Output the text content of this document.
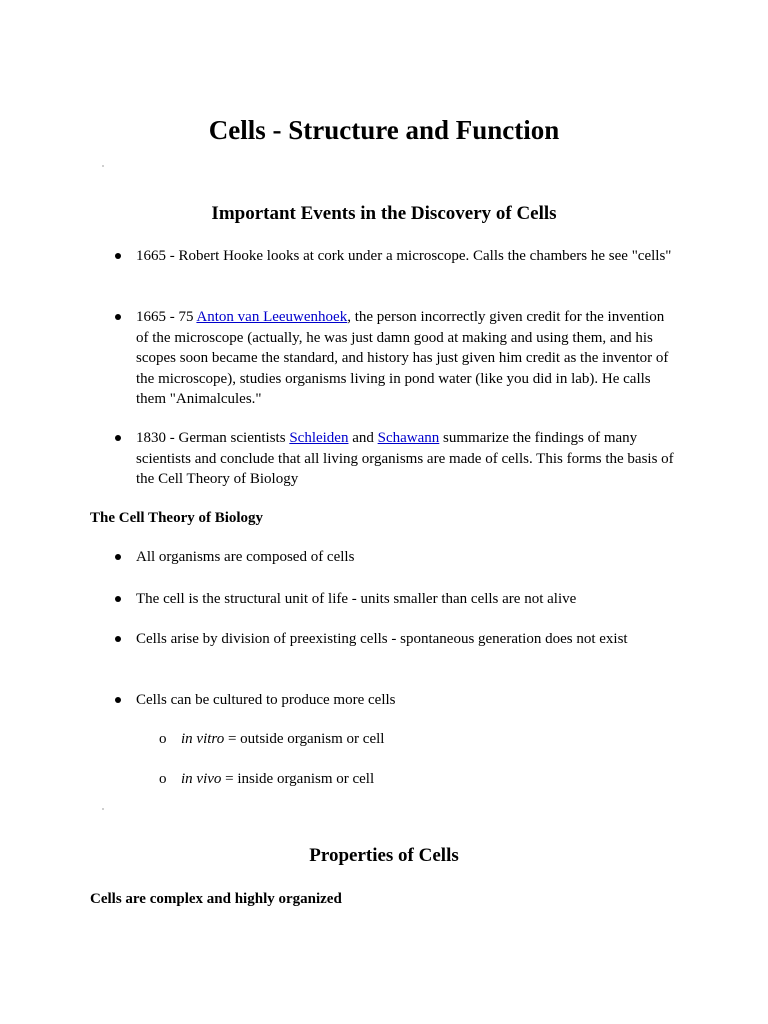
Cells - Structure and Function
Important Events in the Discovery of Cells
1665 - Robert Hooke looks at cork under a microscope. Calls the chambers he see "cells"
1665 - 75 Anton van Leeuwenhoek, the person incorrectly given credit for the invention of the microscope (actually, he was just damn good at making and using them, and his scopes soon became the standard, and history has just given him credit as the inventor of the microscope), studies organisms living in pond water (like you did in lab). He calls them "Animalcules."
1830 - German scientists Schleiden and Schawann summarize the findings of many scientists and conclude that all living organisms are made of cells. This forms the basis of the Cell Theory of Biology
The Cell Theory of Biology
All organisms are composed of cells
The cell is the structural unit of life - units smaller than cells are not alive
Cells arise by division of preexisting cells - spontaneous generation does not exist
Cells can be cultured to produce more cells
o in vitro = outside organism or cell
o in vivo = inside organism or cell
Properties of Cells
Cells are complex and highly organized
